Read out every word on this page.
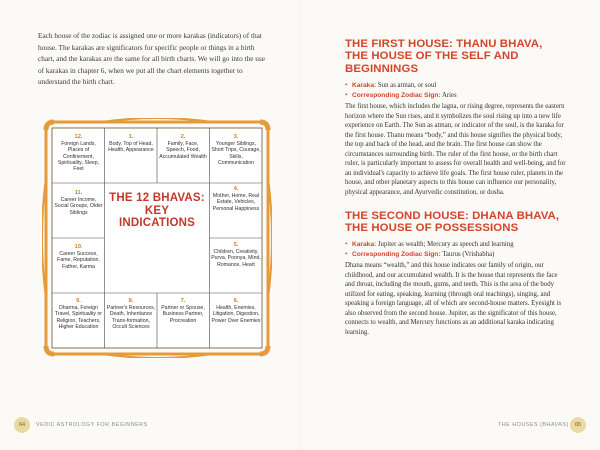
Each house of the zodiac is assigned one or more karakas (indicators) of that house. The karakas are significators for specific people or things in a birth chart, and the karakas are the same for all birth charts. We will go into the use of karakas in chapter 6, when we put all the chart elements together to understand the birth chart.

12.
Foreign Lands, Places of Confinement, Spirituality, Sleep, Feet
1.
Body, Top of Head, Health, Appearance
2.
Family, Face, Speech, Food, Accumulated Wealth
3.
Younger Siblings, Short Trips, Courage, Skills, Communication
11.
Career Income, Social Groups, Older Siblings
4.
Mother, Home, Real Estate, Vehicles, Personal Happiness
THE 12 BHAVAS: KEY INDICATIONS
10.
Career Success, Fame, Reputation, Father, Karma
5.
Children, Creativity, Purva, Poonya, Mind, Romance, Heart
9.
Dharma, Foreign Travel, Spirituality or Religion, Teachers, Higher Education
8.
Partner's Resources, Death, Inheritance Trans-formation, Occult Sciences
7.
Partner or Spouse, Business Partner, Procreation
6.
Health, Enemies, Litigation, Digestion, Power Over Enemies
64	VEDIC ASTROLOGY FOR BEGINNERS
THE FIRST HOUSE: THANU BHAVA, THE HOUSE OF THE SELF AND BEGINNINGS
• Karaka: Sun as atman, or soul
• Corresponding Zodiac Sign: Aries

The first house, which includes the lagna, or rising degree, represents the eastern horizon where the Sun rises, and it symbolizes the soul rising up into a new life experience on Earth. The Sun as atman, or indicator of the soul, is the karaka for the first house. Thanu means “body,” and this house signifies the physical body, the top and back of the head, and the brain. The first house can show the circumstances surrounding birth. The ruler of the first house, or the birth chart ruler, is particularly important to assess for overall health and well-being, and for an individual's capacity to achieve life goals. The first house ruler, planets in the house, and other planetary aspects to this house can influence our personality, physical appearance, and Ayurvedic constitution, or dosha.

THE SECOND HOUSE: DHANA BHAVA, THE HOUSE OF POSSESSIONS
• Karaka: Jupiter as wealth; Mercury as speech and learning
• Corresponding Zodiac Sign: Taurus (Vrishabha)

Dhana means “wealth,” and this house indicates our family of origin, our childhood, and our accumulated wealth. It is the house that represents the face and throat, including the mouth, gums, and teeth. This is the area of the body utilized for eating, speaking, learning (through oral teachings), singing, and speaking a foreign language, all of which are second-house matters. Eyesight is also observed from the second house. Jupiter, as the significator of this house, connects to wealth, and Mercury functions as an additional karaka indicating learning.

THE HOUSES (BHAVAS)	65
